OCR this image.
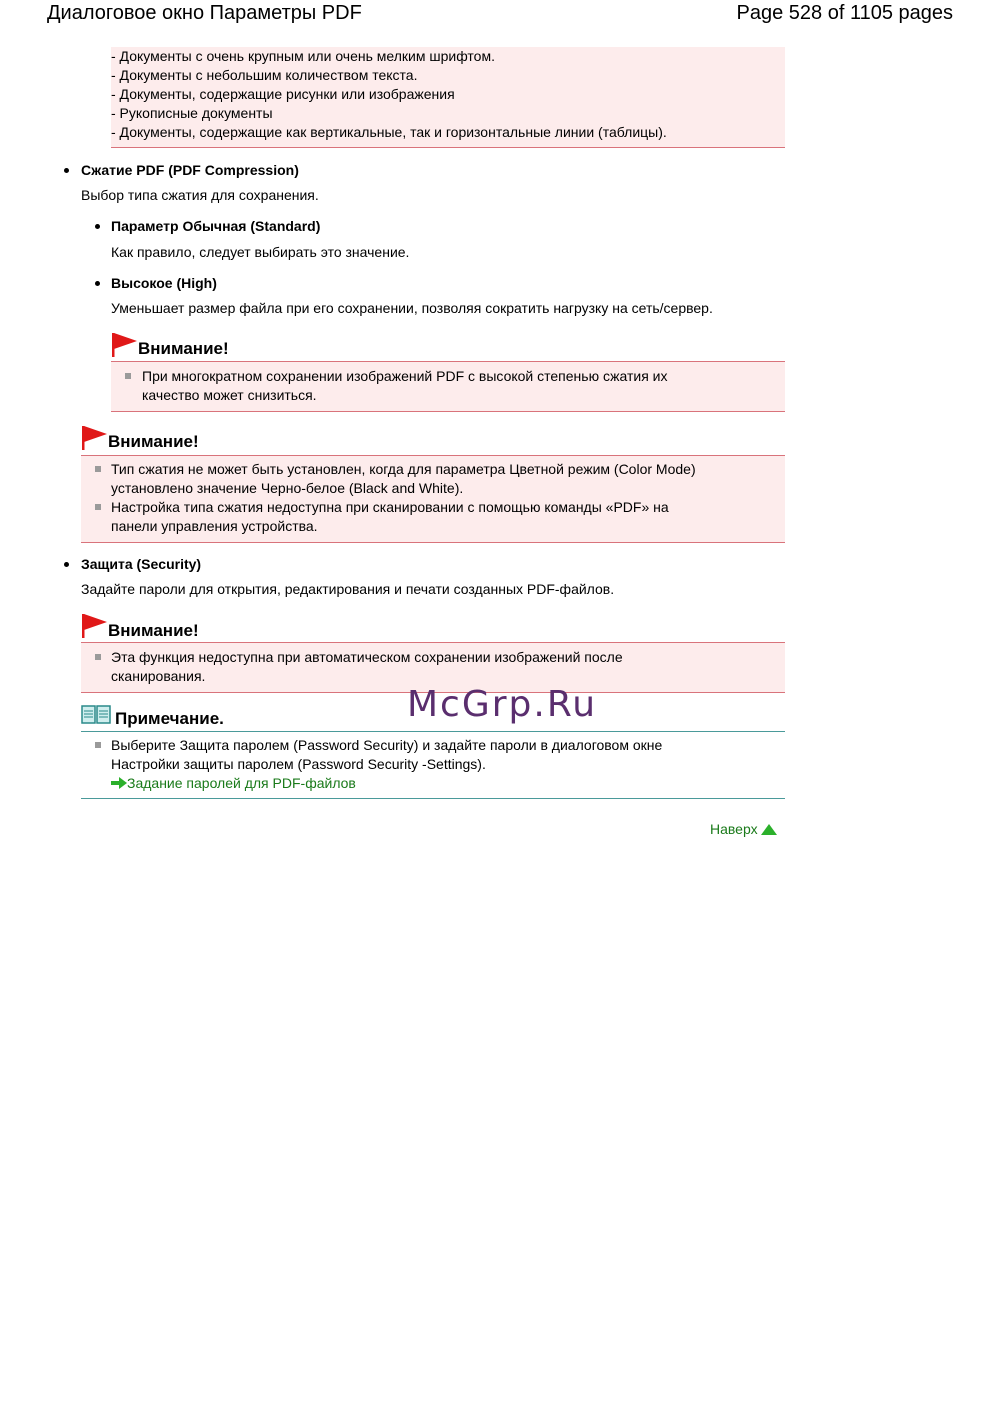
Диалоговое окно Параметры PDF	Page 528 of 1105 pages
- Документы с очень крупным или очень мелким шрифтом.
- Документы с небольшим количеством текста.
- Документы, содержащие рисунки или изображения
- Рукописные документы
- Документы, содержащие как вертикальные, так и горизонтальные линии (таблицы).
Сжатие PDF (PDF Compression)
Выбор типа сжатия для сохранения.
Параметр Обычная (Standard)
Как правило, следует выбирать это значение.
Высокое (High)
Уменьшает размер файла при его сохранении, позволяя сократить нагрузку на сеть/сервер.
Внимание!
При многократном сохранении изображений PDF с высокой степенью сжатия их
качество может снизиться.
Внимание!
Тип сжатия не может быть установлен, когда для параметра Цветной режим (Color Mode)
установлено значение Черно-белое (Black and White).
Настройка типа сжатия недоступна при сканировании с помощью команды «PDF» на
панели управления устройства.
Защита (Security)
Задайте пароли для открытия, редактирования и печати созданных PDF-файлов.
Внимание!
Эта функция недоступна при автоматическом сохранении изображений после
сканирования.
Примечание.
Выберите Защита паролем (Password Security) и задайте пароли в диалоговом окне
Настройки защиты паролем (Password Security -Settings).
Задание паролей для PDF-файлов
Наверх
McGrp.Ru
